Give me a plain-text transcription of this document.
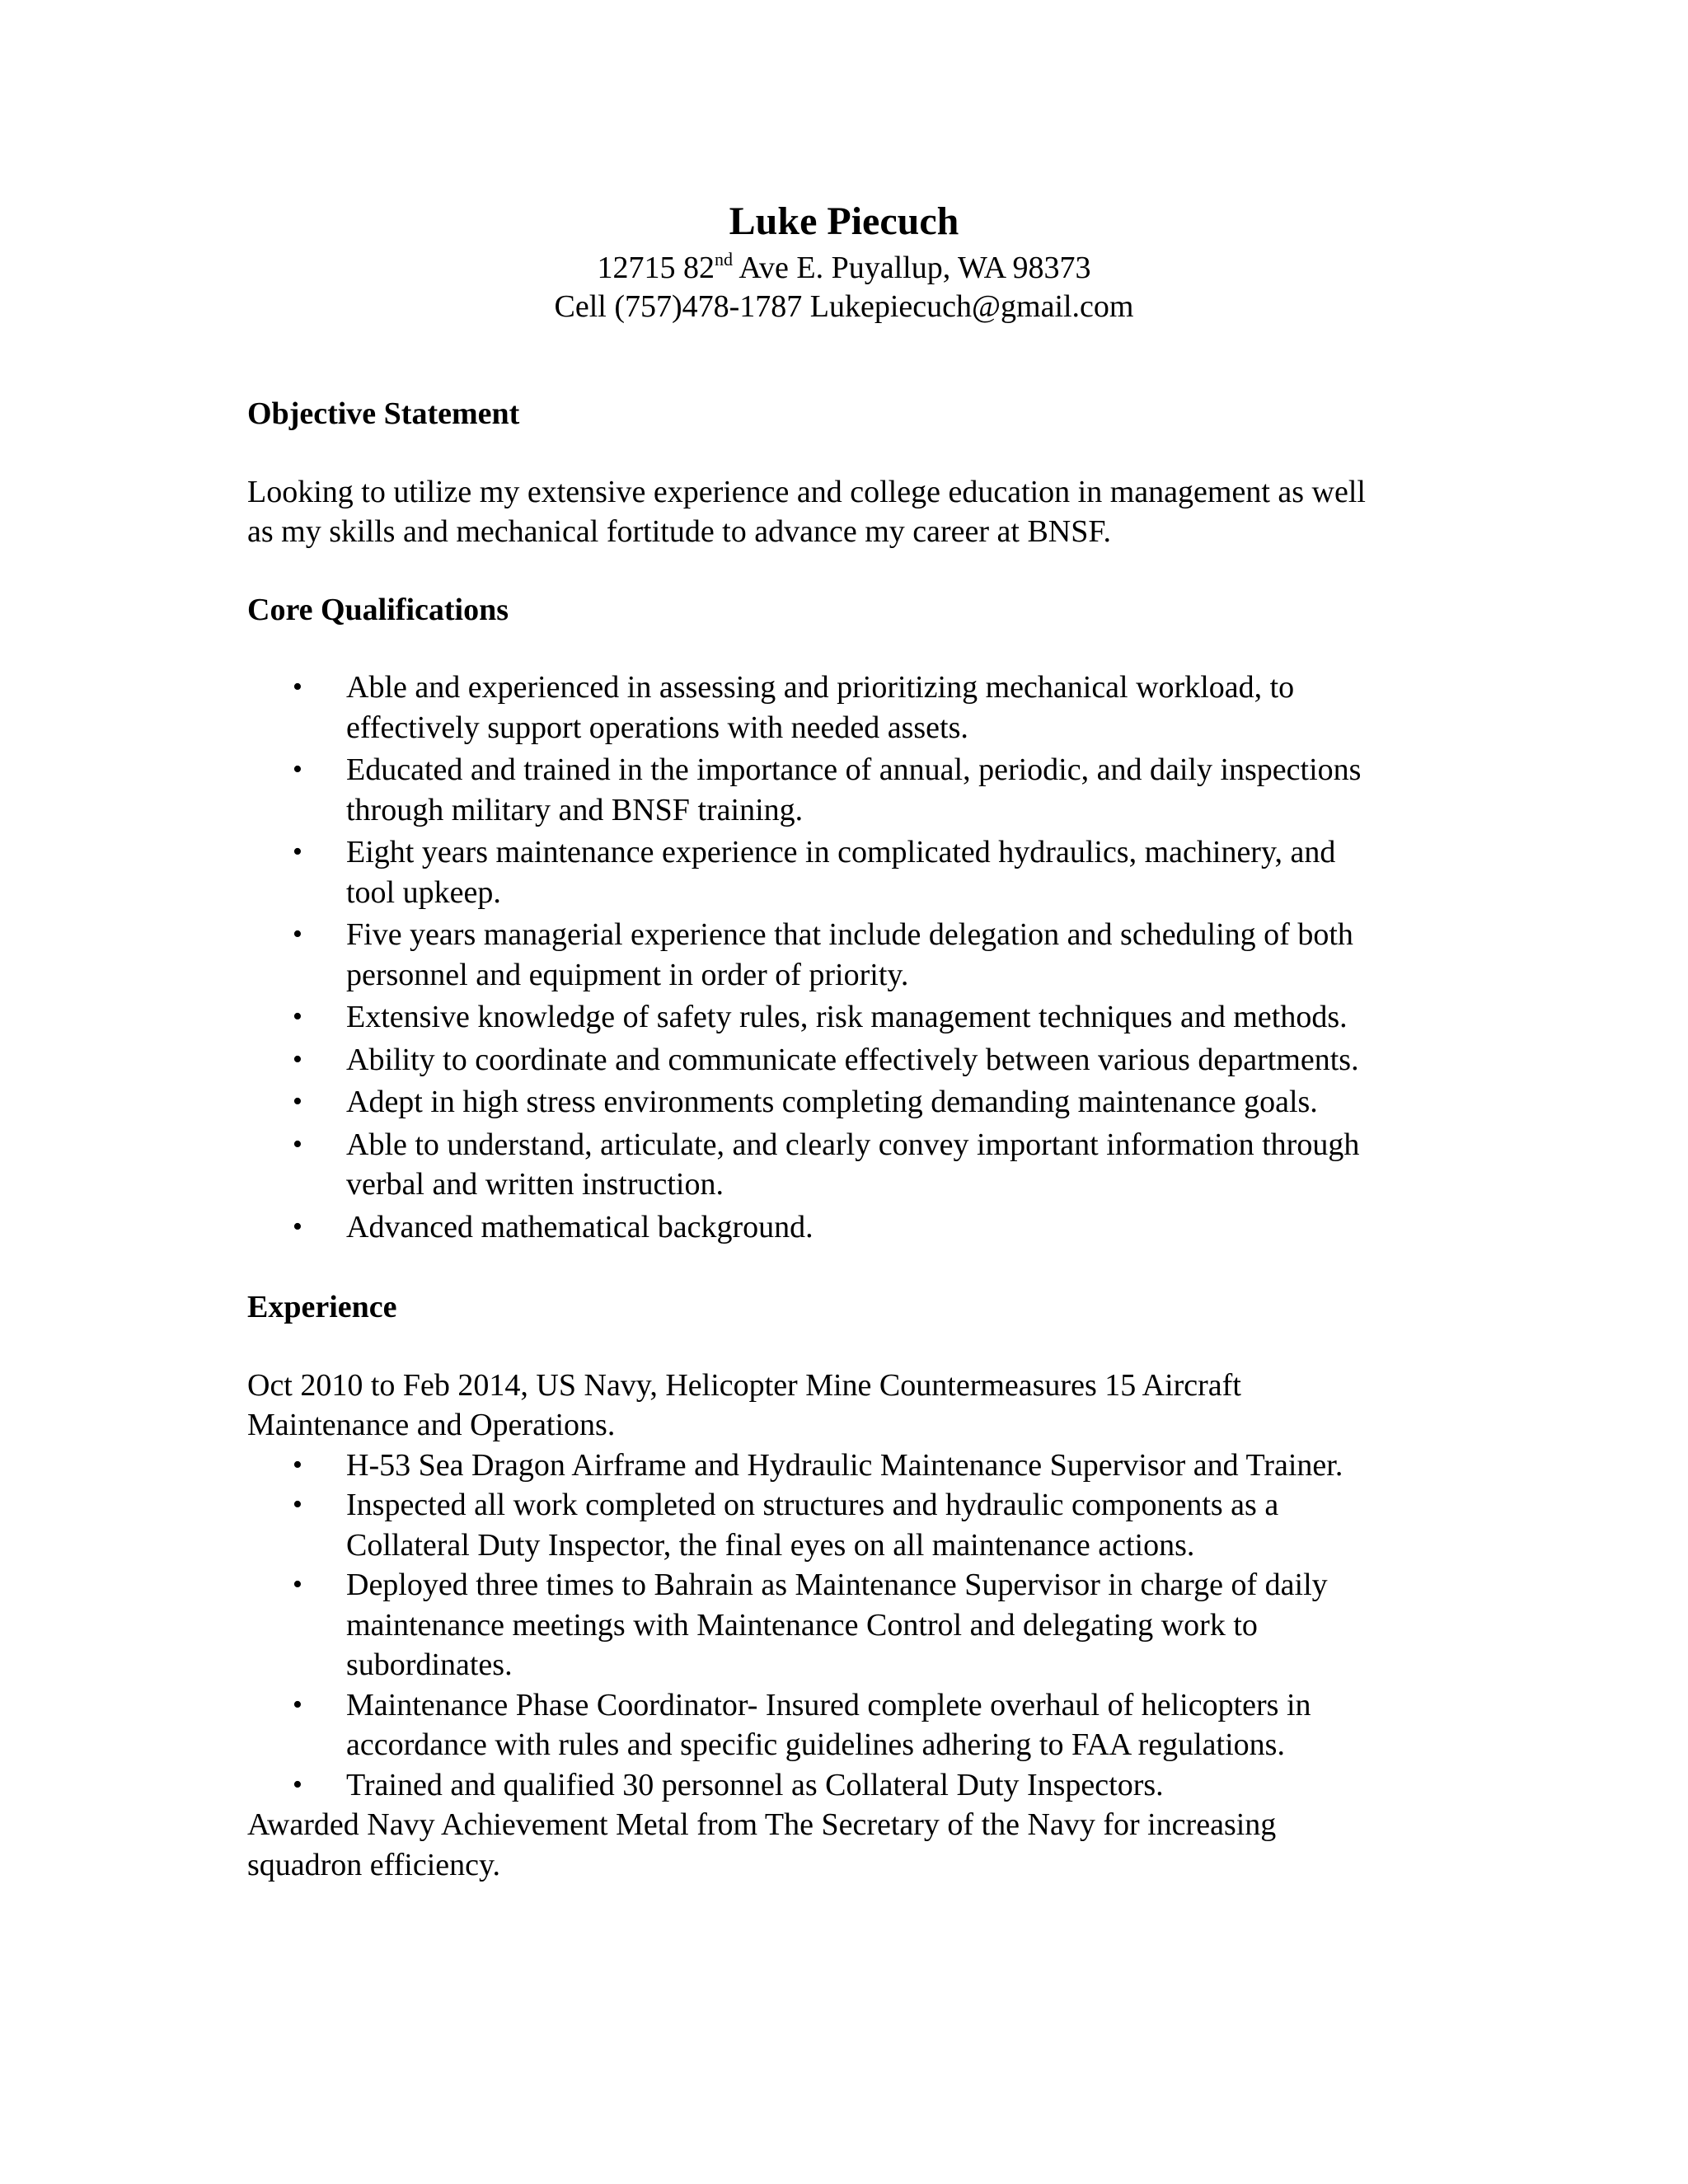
Luke Piecuch

12715 82nd Ave E. Puyallup, WA 98373

Cell (757)478-1787 Lukepiecuch@gmail.com

Objective Statement

Looking to utilize my extensive experience and college education in management as well
as my skills and mechanical fortitude to advance my career at BNSF.

Core Qualifications

• Able and experienced in assessing and prioritizing mechanical workload, to
effectively support operations with needed assets.
• Educated and trained in the importance of annual, periodic, and daily inspections
through military and BNSF training.
• Eight years maintenance experience in complicated hydraulics, machinery, and
tool upkeep.
• Five years managerial experience that include delegation and scheduling of both
personnel and equipment in order of priority.
• Extensive knowledge of safety rules, risk management techniques and methods.
• Ability to coordinate and communicate effectively between various departments.
• Adept in high stress environments completing demanding maintenance goals.
• Able to understand, articulate, and clearly convey important information through
verbal and written instruction.
• Advanced mathematical background.

Experience

Oct 2010 to Feb 2014, US Navy, Helicopter Mine Countermeasures 15 Aircraft
Maintenance and Operations.

• H-53 Sea Dragon Airframe and Hydraulic Maintenance Supervisor and Trainer.
• Inspected all work completed on structures and hydraulic components as a
Collateral Duty Inspector, the final eyes on all maintenance actions.
• Deployed three times to Bahrain as Maintenance Supervisor in charge of daily
maintenance meetings with Maintenance Control and delegating work to
subordinates.
• Maintenance Phase Coordinator- Insured complete overhaul of helicopters in
accordance with rules and specific guidelines adhering to FAA regulations.
• Trained and qualified 30 personnel as Collateral Duty Inspectors.

Awarded Navy Achievement Metal from The Secretary of the Navy for increasing
squadron efficiency.
